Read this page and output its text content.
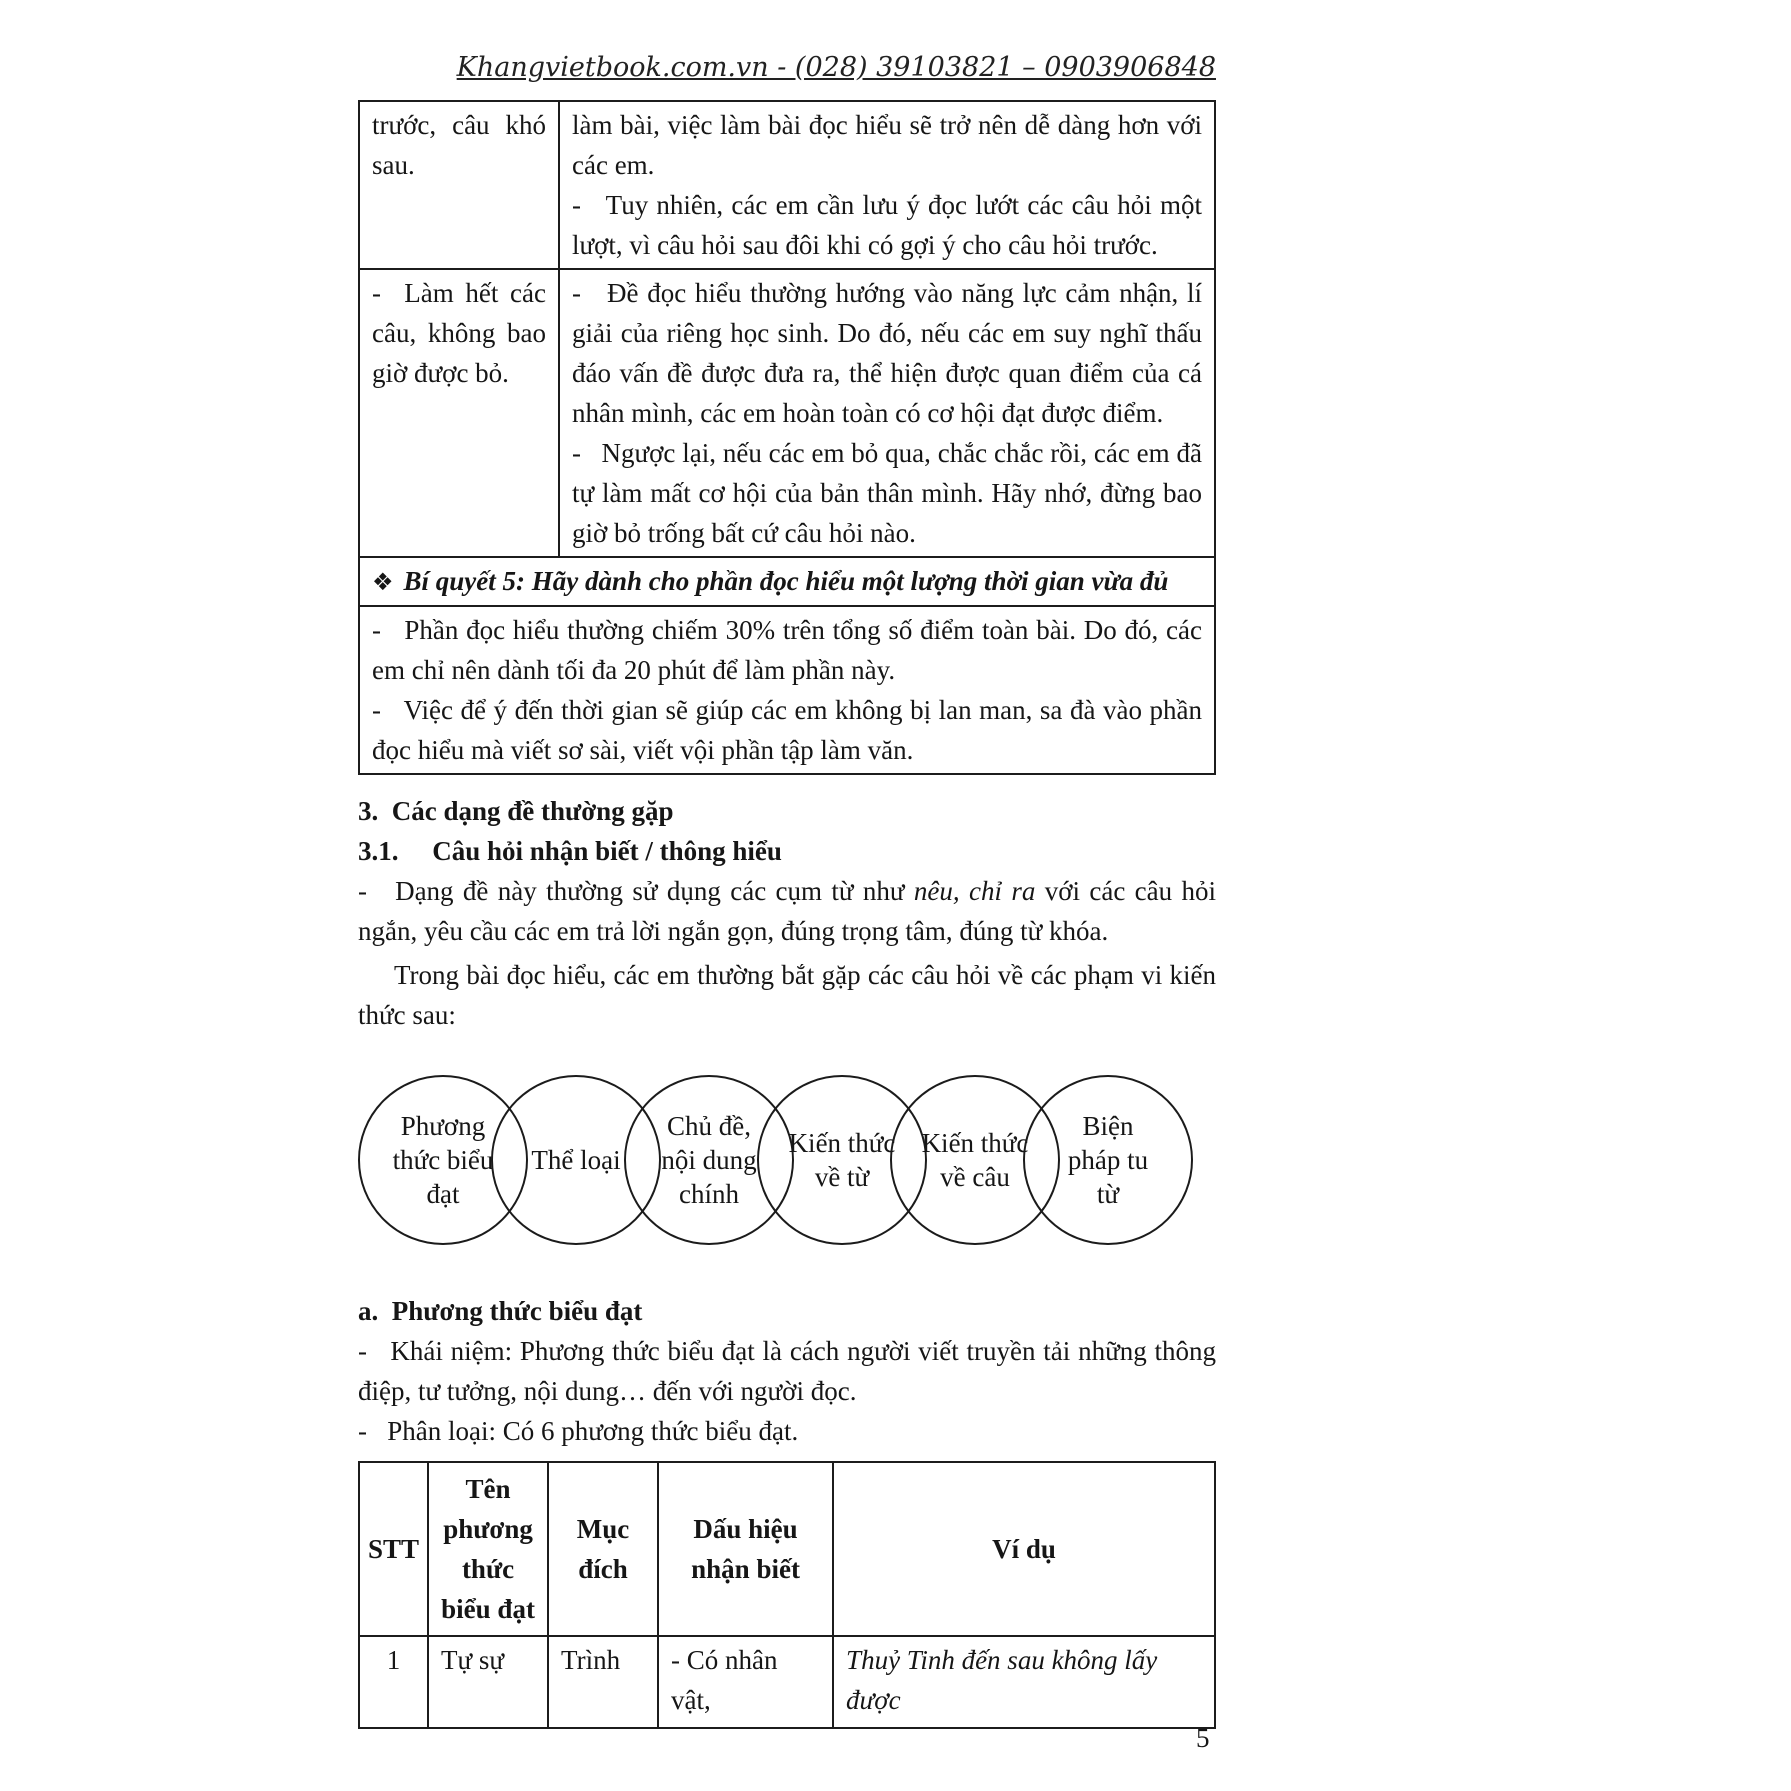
Khangvietbook.com.vn - (028) 39103821 – 0903906848

trước, câu khó sau.	làm bài, việc làm bài đọc hiểu sẽ trở nên dễ dàng hơn với các em.

-   Tuy nhiên, các em cần lưu ý đọc lướt các câu hỏi một lượt, vì câu hỏi sau đôi khi có gợi ý cho câu hỏi trước.

-  Làm hết các câu, không bao giờ được bỏ.	-   Đề đọc hiểu thường hướng vào năng lực cảm nhận, lí giải của riêng học sinh. Do đó, nếu các em suy nghĩ thấu đáo vấn đề được đưa ra, thể hiện được quan điểm của cá nhân mình, các em hoàn toàn có cơ hội đạt được điểm.

-   Ngược lại, nếu các em bỏ qua, chắc chắc rồi, các em đã tự làm mất cơ hội của bản thân mình. Hãy nhớ, đừng bao giờ bỏ trống bất cứ câu hỏi nào.

❖ Bí quyết 5: Hãy dành cho phần đọc hiểu một lượng thời gian vừa đủ	

-   Phần đọc hiểu thường chiếm 30% trên tổng số điểm toàn bài. Do đó, các em chỉ nên dành tối đa 20 phút để làm phần này.

-   Việc để ý đến thời gian sẽ giúp các em không bị lan man, sa đà vào phần đọc hiểu mà viết sơ sài, viết vội phần tập làm văn.	

3.  Các dạng đề thường gặp

3.1.     Câu hỏi nhận biết / thông hiểu

-   Dạng đề này thường sử dụng các cụm từ như nêu, chỉ ra với các câu hỏi ngắn, yêu cầu các em trả lời ngắn gọn, đúng trọng tâm, đúng từ khóa.

Trong bài đọc hiểu, các em thường bắt gặp các câu hỏi về các phạm vi kiến thức sau:

Phương thức biểu đạt
Thể loại
Chủ đề, nội dung chính
Kiến thức về từ
Kiến thức về câu
Biện pháp tu từ

a.  Phương thức biểu đạt

-   Khái niệm: Phương thức biểu đạt là cách người viết truyền tải những thông điệp, tư tưởng, nội dung… đến với người đọc.

-   Phân loại: Có 6 phương thức biểu đạt.

STT	Tên phương thức biểu đạt	Mục đích	Dấu hiệu nhận biết	Ví dụ
1	Tự sự	Trình	- Có nhân vật,	Thuỷ Tinh đến sau không lấy được
5
